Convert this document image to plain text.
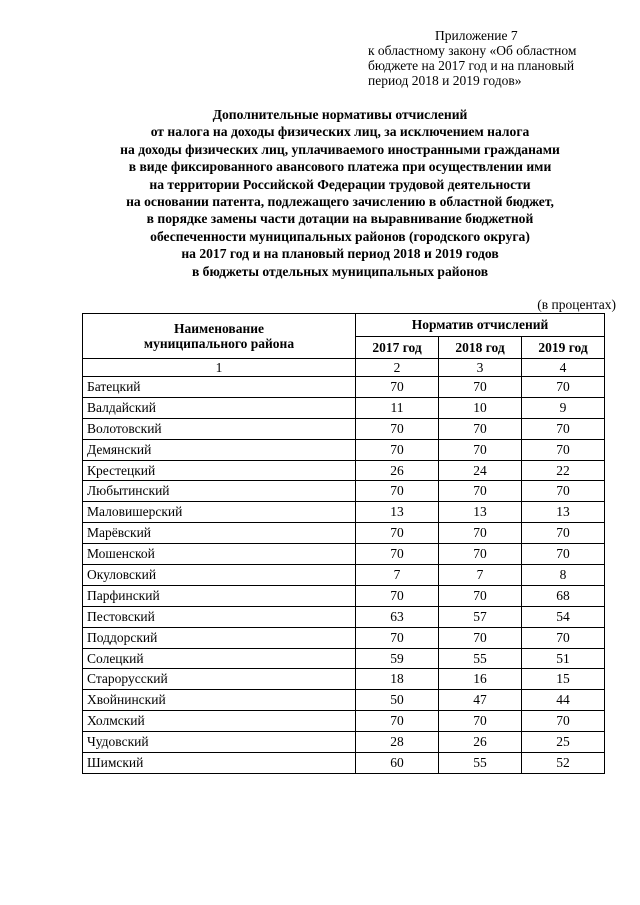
Приложение 7
к областному закону «Об областном
бюджете на 2017 год и на плановый
период 2018 и 2019 годов»
Дополнительные нормативы отчислений
от налога на доходы физических лиц, за исключением налога
на доходы физических лиц, уплачиваемого иностранными гражданами
в виде фиксированного авансового платежа при осуществлении ими
на территории Российской Федерации трудовой деятельности
на основании патента, подлежащего зачислению в областной бюджет,
в порядке замены части дотации на выравнивание бюджетной
обеспеченности муниципальных районов (городского округа)
на 2017 год и на плановый период 2018 и 2019 годов
в бюджеты отдельных муниципальных районов
(в процентах)
Наименование
муниципального района	Норматив отчислений		
	2017 год	2018 год	2019 год
1	2	3	4
Батецкий	70	70	70
Валдайский	11	10	9
Волотовский	70	70	70
Демянский	70	70	70
Крестецкий	26	24	22
Любытинский	70	70	70
Маловишерский	13	13	13
Марёвский	70	70	70
Мошенской	70	70	70
Окуловский	7	7	8
Парфинский	70	70	68
Пестовский	63	57	54
Поддорский	70	70	70
Солецкий	59	55	51
Старорусский	18	16	15
Хвойнинский	50	47	44
Холмский	70	70	70
Чудовский	28	26	25
Шимский	60	55	52
